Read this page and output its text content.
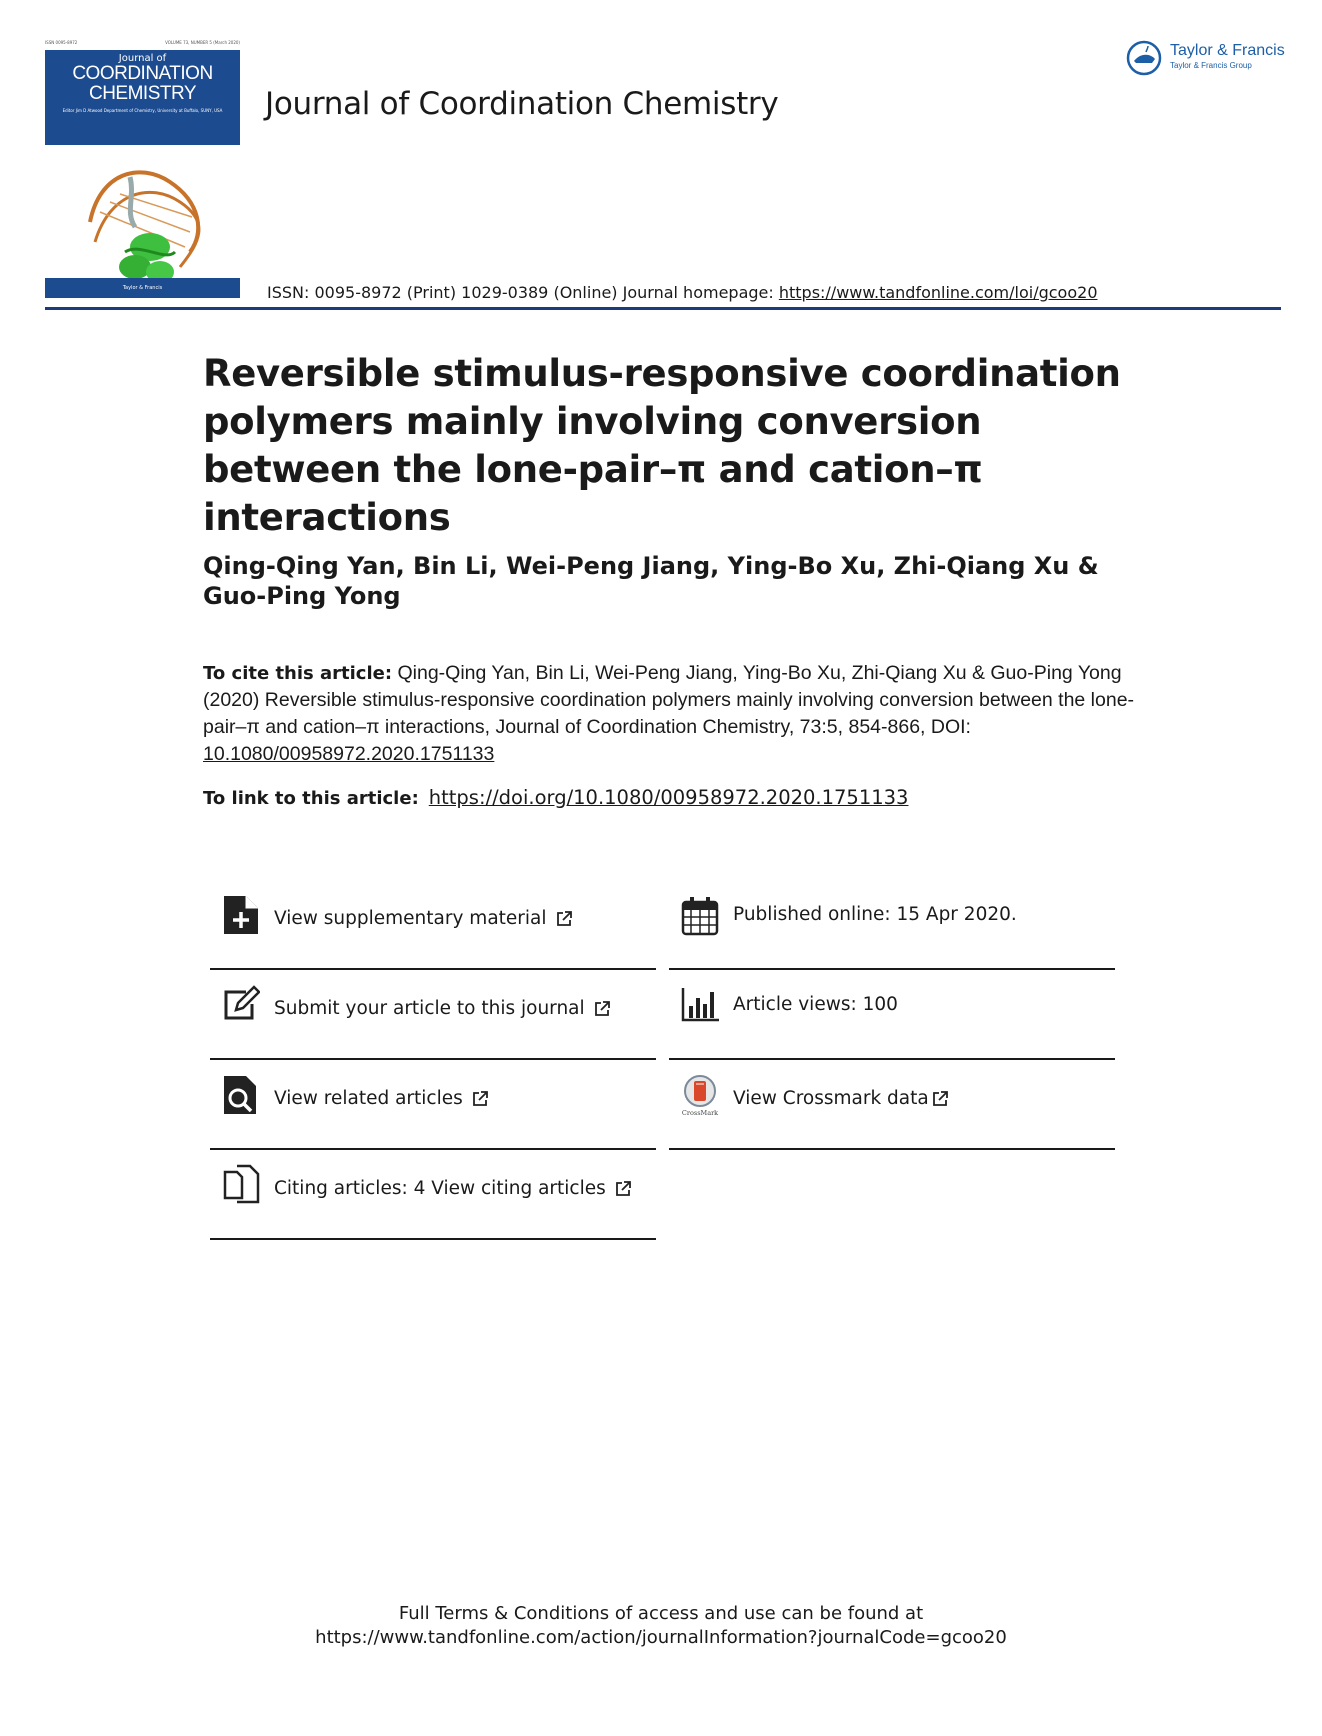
ISSN 0095-8972	VOLUME 73, NUMBER 5 (March 2020)
Journal of
COORDINATION
CHEMISTRY
Editor Jim D Atwood Department of Chemistry, University at Buffalo, SUNY, USA
Taylor & Francis
Journal of Coordination Chemistry
Taylor & Francis
Taylor & Francis Group
ISSN: 0095-8972 (Print) 1029-0389 (Online) Journal homepage: https://www.tandfonline.com/loi/gcoo20
Reversible stimulus-responsive coordination polymers mainly involving conversion between the lone-pair–π and cation–π interactions
Qing-Qing Yan, Bin Li, Wei-Peng Jiang, Ying-Bo Xu, Zhi-Qiang Xu & Guo-Ping Yong
To cite this article: Qing-Qing Yan, Bin Li, Wei-Peng Jiang, Ying-Bo Xu, Zhi-Qiang Xu & Guo-Ping Yong (2020) Reversible stimulus-responsive coordination polymers mainly involving conversion between the lone-pair–π and cation–π interactions, Journal of Coordination Chemistry, 73:5, 854-866, DOI: 10.1080/00958972.2020.1751133
To link to this article: https://doi.org/10.1080/00958972.2020.1751133
View supplementary material
Submit your article to this journal
View related articles
Citing articles: 4 View citing articles
Published online: 15 Apr 2020.
Article views: 100
CrossMark
View Crossmark data
Full Terms & Conditions of access and use can be found at
https://www.tandfonline.com/action/journalInformation?journalCode=gcoo20
